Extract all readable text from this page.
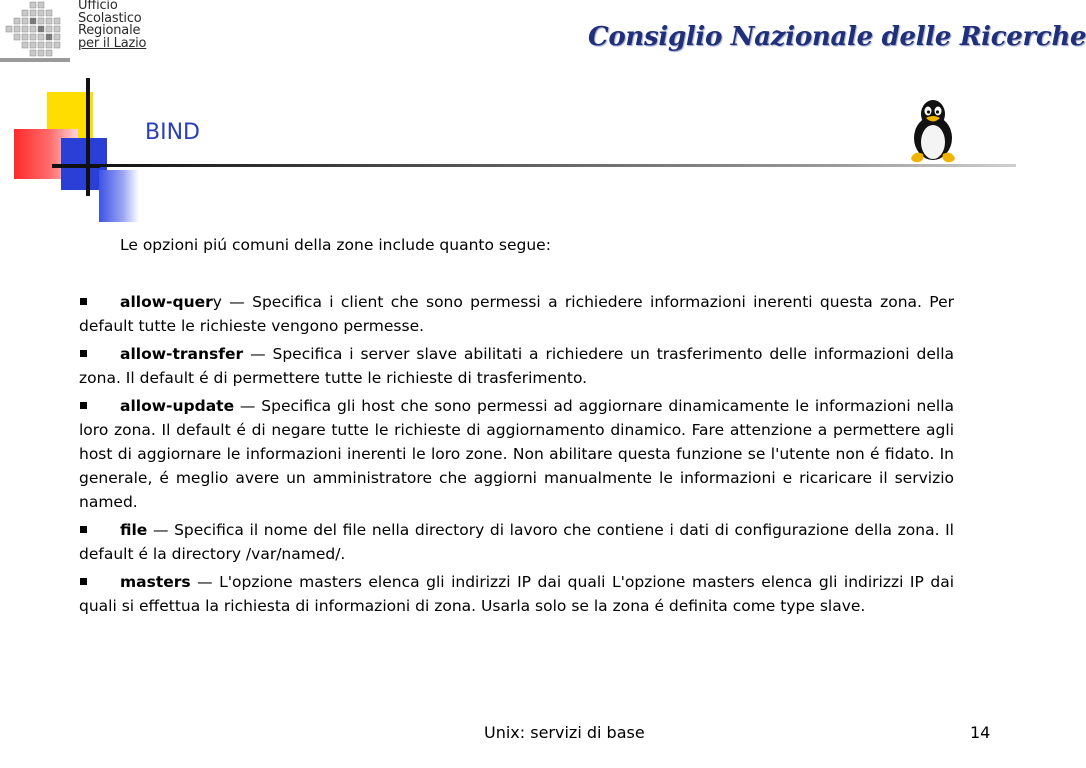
Ufficio
Scolastico
Regionale
per il Lazio	Consiglio Nazionale delle Ricerche
BIND
Le opzioni piú comuni della zone include quanto segue:
allow-query — Specifica i client che sono permessi a richiedere informazioni inerenti questa zona. Per default tutte le richieste vengono permesse.
allow-transfer — Specifica i server slave abilitati a richiedere un trasferimento delle informazioni della zona. Il default é di permettere tutte le richieste di trasferimento.
allow-update — Specifica gli host che sono permessi ad aggiornare dinamicamente le informazioni nella loro zona. Il default é di negare tutte le richieste di aggiornamento dinamico. Fare attenzione a permettere agli host di aggiornare le informazioni inerenti le loro zone. Non abilitare questa funzione se l'utente non é fidato. In generale, é meglio avere un amministratore che aggiorni manualmente le informazioni e ricaricare il servizio named.
file — Specifica il nome del file nella directory di lavoro che contiene i dati di configurazione della zona. Il default é la directory /var/named/.
masters — L'opzione masters elenca gli indirizzi IP dai quali L'opzione masters elenca gli indirizzi IP dai quali si effettua la richiesta di informazioni di zona. Usarla solo se la zona é definita come type slave.
Unix: servizi di base	14
